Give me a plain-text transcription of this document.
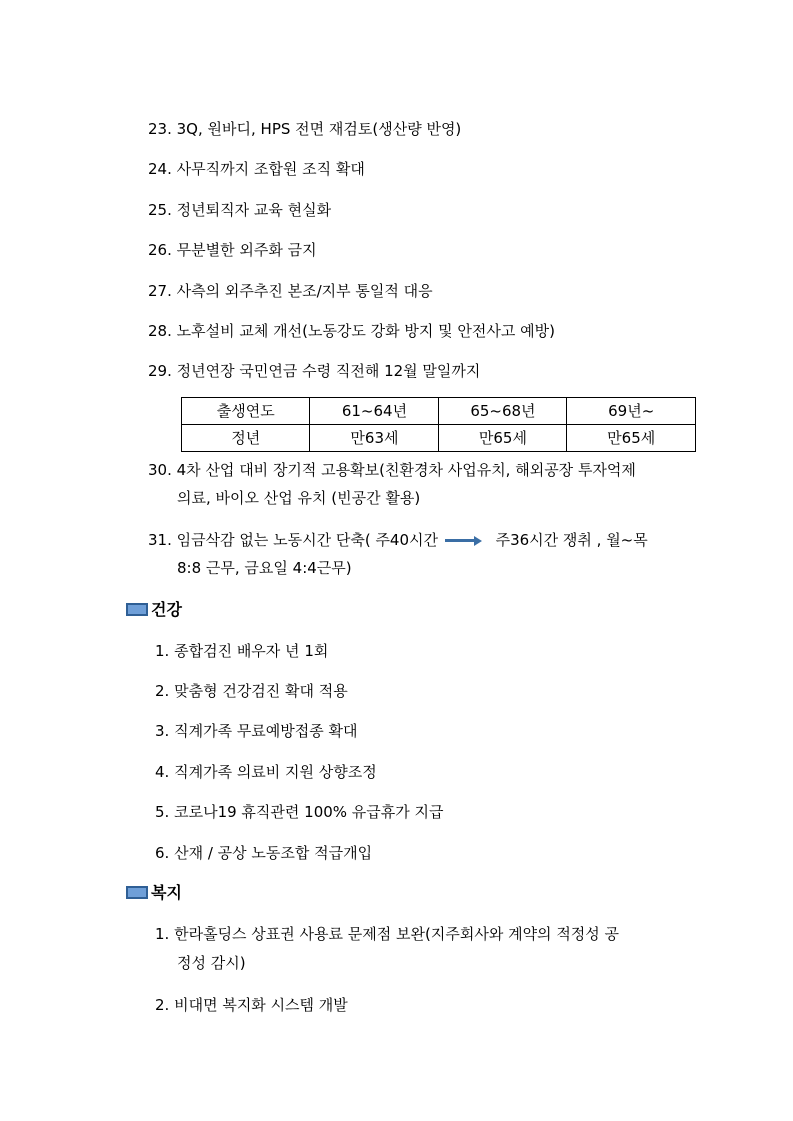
23. 3Q, 원바디, HPS 전면 재검토(생산량 반영)
24. 사무직까지 조합원 조직 확대
25. 정년퇴직자 교육 현실화
26. 무분별한 외주화 금지
27. 사측의 외주추진 본조/지부 통일적 대응
28. 노후설비 교체 개선(노동강도 강화 방지 및 안전사고 예방)
29. 정년연장 국민연금 수령 직전해 12월 말일까지
출생연도	61~64년	65~68년	69년~
정년	만63세	만65세	만65세
30. 4차 산업 대비 장기적 고용확보(친환경차 사업유치, 해외공장 투자억제
의료, 바이오 산업 유치 (빈공간 활용)
31. 임금삭감 없는 노동시간 단축( 주40시간	주36시간 쟁취 , 월~목
8:8 근무, 금요일 4:4근무)
건강
1. 종합검진 배우자 년 1회
2. 맞춤형 건강검진 확대 적용
3. 직계가족 무료예방접종 확대
4. 직계가족 의료비 지원 상향조정
5. 코로나19 휴직관련 100% 유급휴가 지급
6. 산재 / 공상 노동조합 적급개입
복지
1. 한라홀딩스 상표권 사용료 문제점 보완(지주회사와 계약의 적정성 공
정성 감시)
2. 비대면 복지화 시스템 개발
